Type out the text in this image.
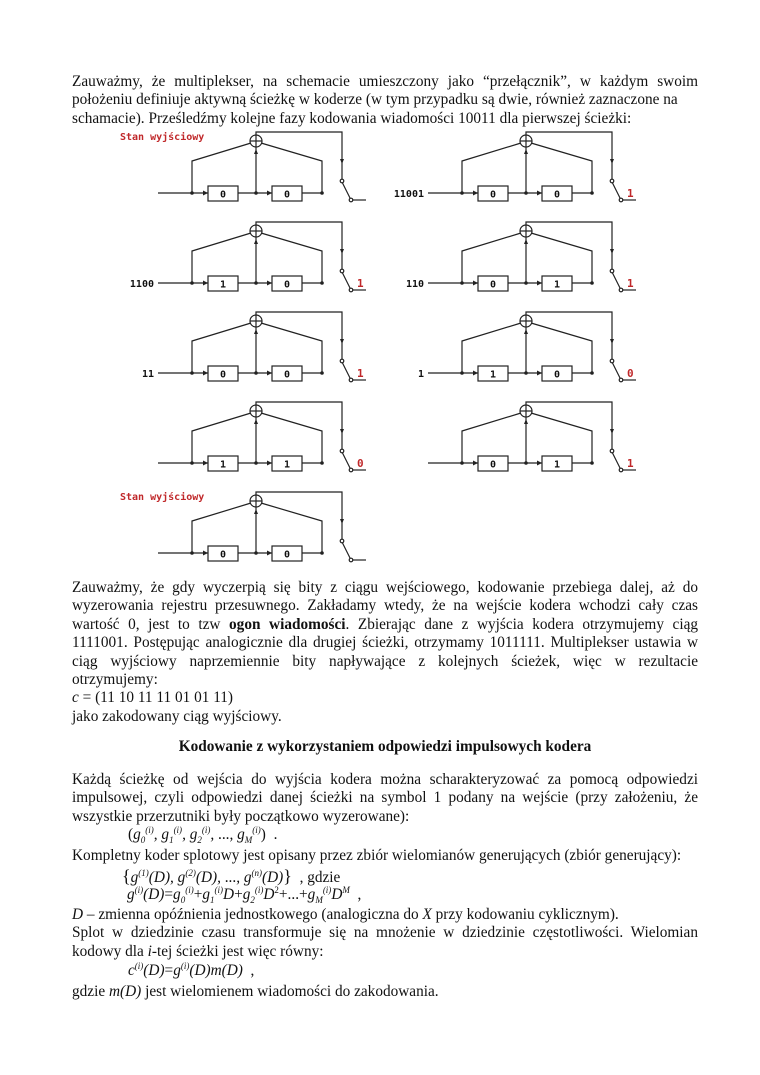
Zauważmy, że multiplekser, na schemacie umieszczony jako “przełącznik”, w każdym swoim
położeniu definiuje aktywną ścieżkę w koderze (w tym przypadku są dwie, również zaznaczone na
schamacie). Prześledźmy kolejne fazy kodowania wiadomości 10011 dla pierwszej ścieżki:
Stan wyjściowy
0	0	11001	0	0	1
1100	1	0	1	110	0	1	1
11	0	0	1	1	1	0	0
1	1	0	0	1	1
Stan wyjściowy
0	0
Zauważmy, że gdy wyczerpią się bity z ciągu wejściowego, kodowanie przebiega dalej, aż do
wyzerowania rejestru przesuwnego. Zakładamy wtedy, że na wejście kodera wchodzi cały czas
wartość 0, jest to tzw ogon wiadomości. Zbierając dane z wyjścia kodera otrzymujemy ciąg
1111001. Postępując analogicznie dla drugiej ścieżki, otrzymamy 1011111. Multiplekser ustawia w
ciąg wyjściowy naprzemiennie bity napływające z kolejnych ścieżek, więc w rezultacie
otrzymujemy:
c = (11 10 11 11 01 01 11)
jako zakodowany ciąg wyjściowy.
Kodowanie z wykorzystaniem odpowiedzi impulsowych kodera
Każdą ścieżkę od wejścia do wyjścia kodera można scharakteryzować za pomocą odpowiedzi
impulsowej, czyli odpowiedzi danej ścieżki na symbol 1 podany na wejście (przy założeniu, że
wszystkie przerzutniki były początkowo wyzerowane):
($g_0^{(i)}$, $g_1^{(i)}$, $g_2^{(i)}$, ..., $g_M^{(i)}$) .
Kompletny koder splotowy jest opisany przez zbiór wielomianów generujących (zbiór generujący):
{$g^{(1)}(D)$, $g^{(2)}(D)$, ..., $g^{(n)}(D)$} , gdzie
$g^{(i)}(D)=g_0^{(i)}+g_1^{(i)}D+g_2^{(i)}D^2+...+g_M^{(i)}D^M$ ,
D – zmienna opóźnienia jednostkowego (analogiczna do X przy kodowaniu cyklicznym).
Splot w dziedzinie czasu transformuje się na mnożenie w dziedzinie częstotliwości. Wielomian
kodowy dla i-tej ścieżki jest więc równy:
$c^{(i)}(D)=g^{(i)}(D)m(D)$  ,
gdzie m(D) jest wielomienem wiadomości do zakodowania.
